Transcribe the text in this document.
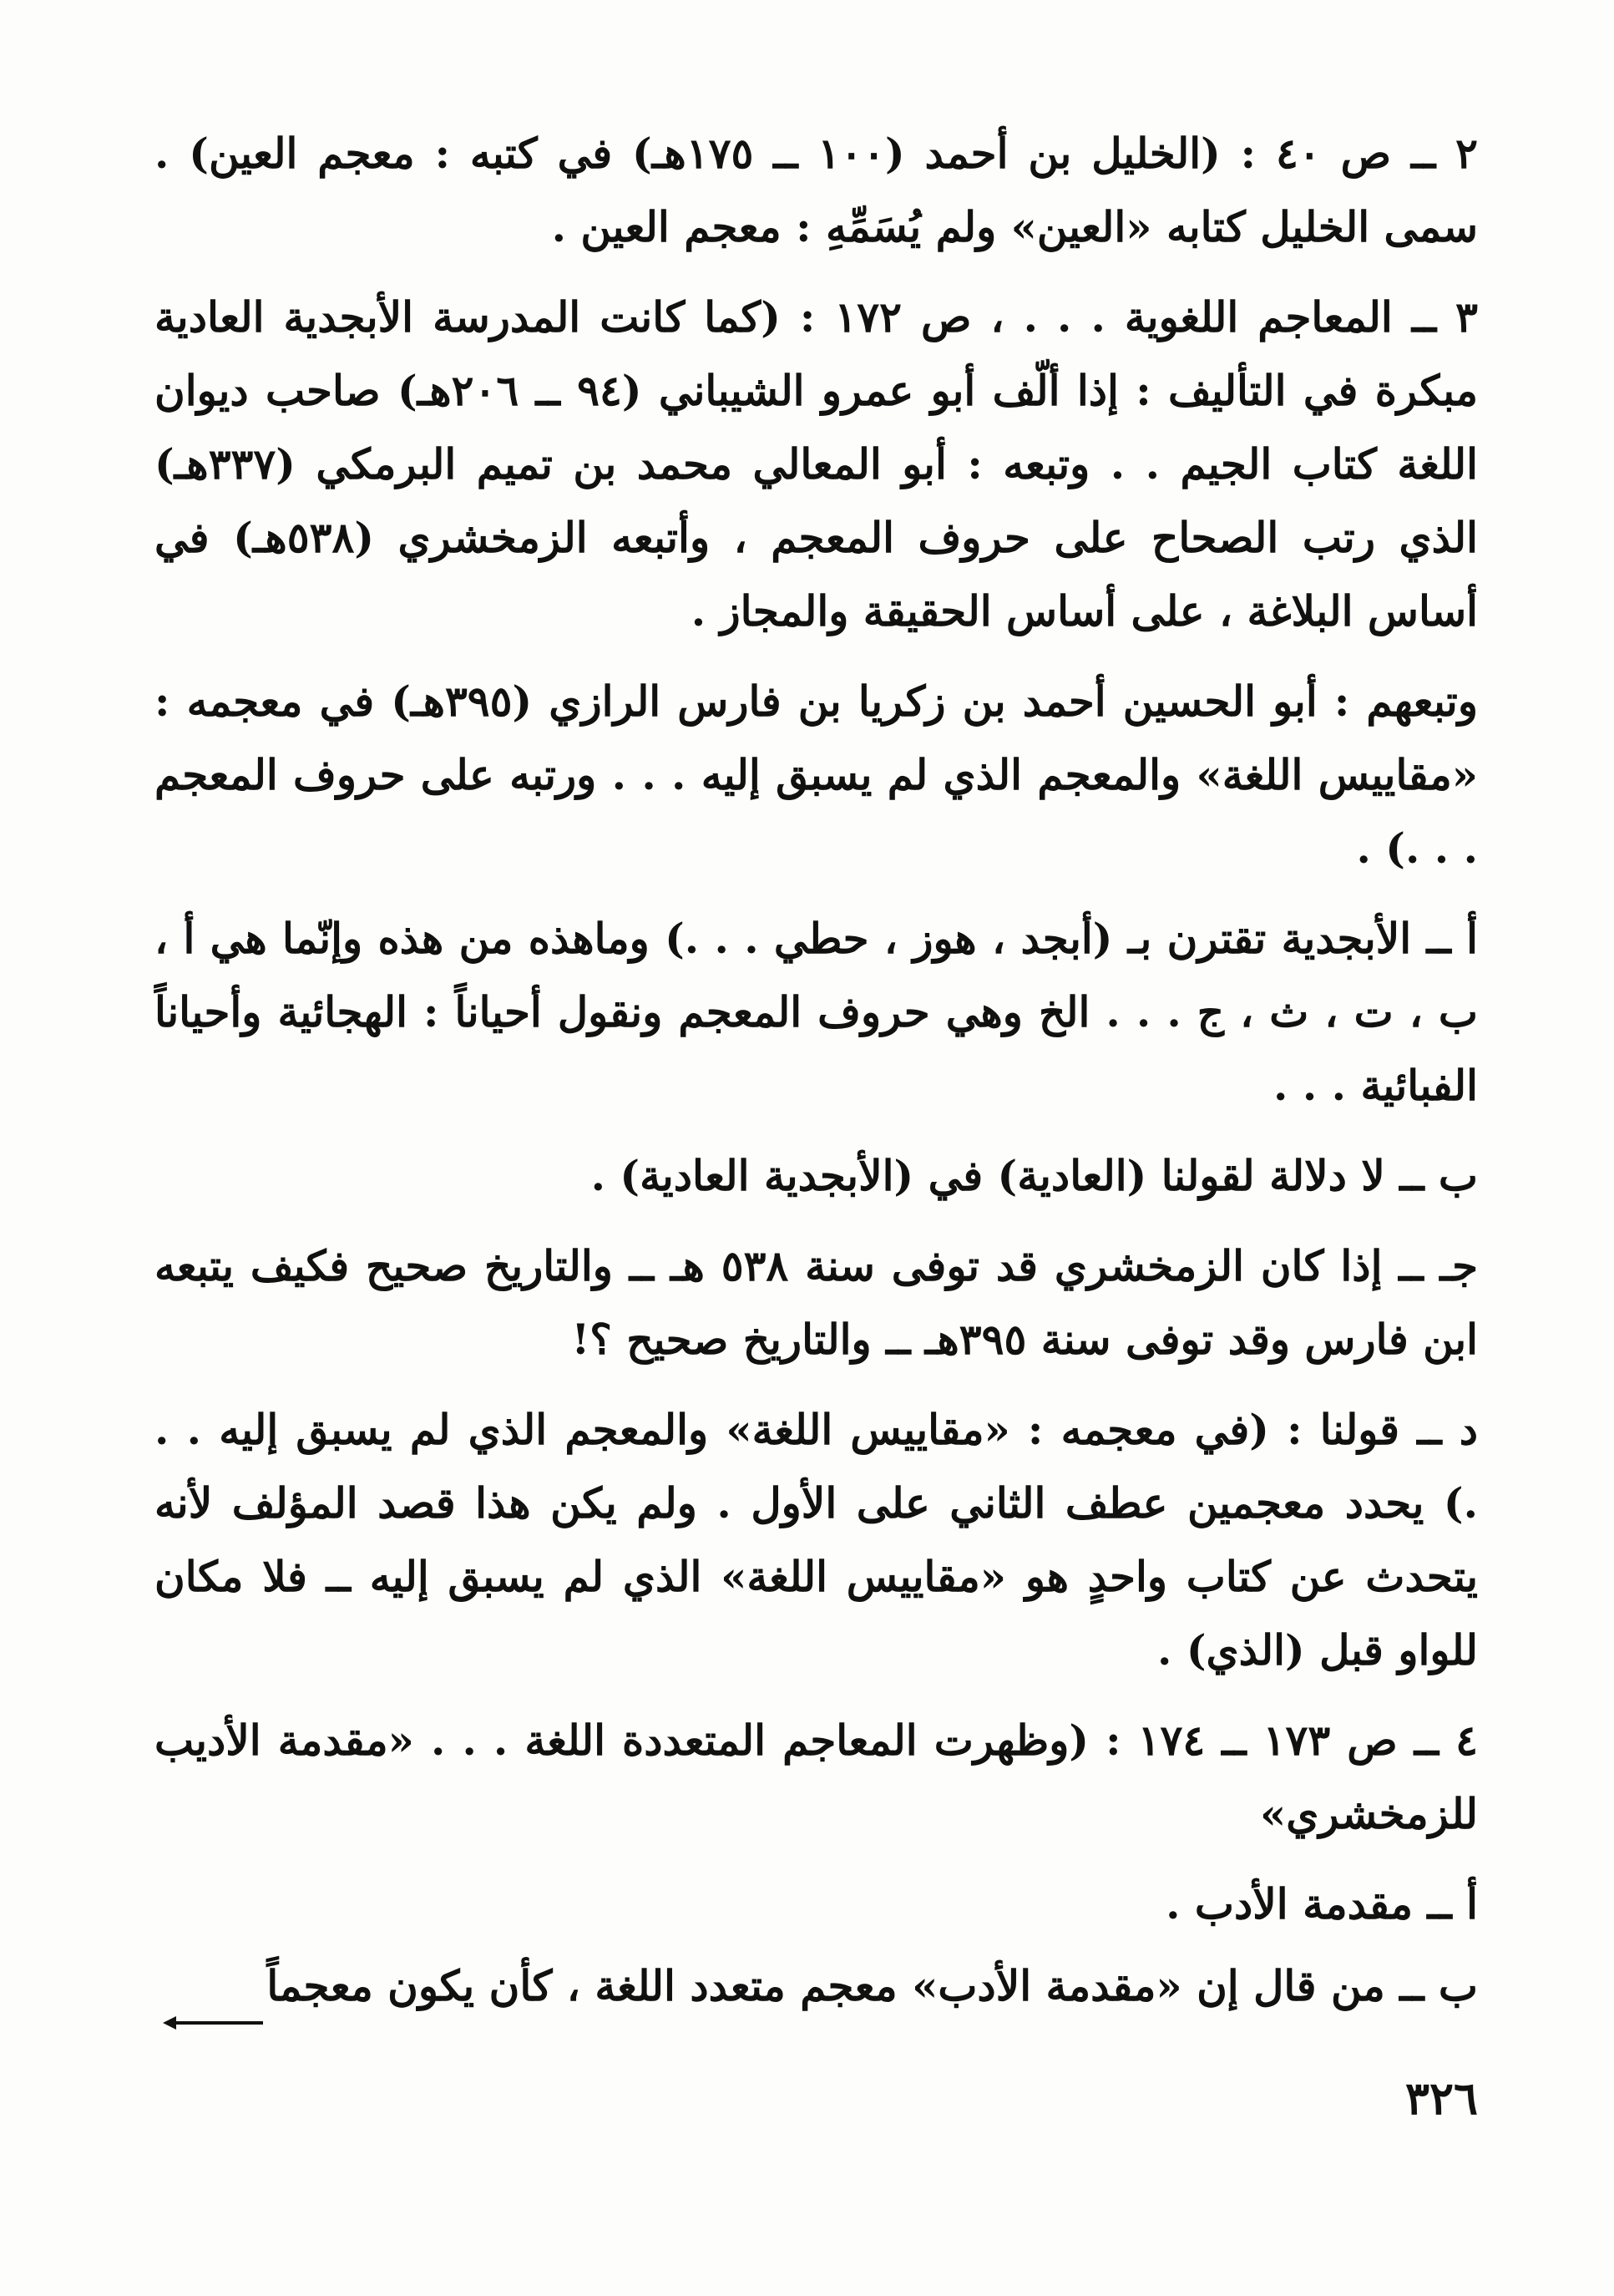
٢ ــ ص ٤٠ : (الخليل بن أحمد (١٠٠ ــ ١٧٥هـ) في كتبه : معجم العين) . سمى الخليل كتابه «العين» ولم يُسَمِّهِ : معجم العين .

٣ ــ المعاجم اللغوية . . . ، ص ١٧٢ : (كما كانت المدرسة الأبجدية العادية مبكرة في التأليف : إذا ألّف أبو عمرو الشيباني (٩٤ ــ ٢٠٦هـ) صاحب ديوان اللغة كتاب الجيم . . وتبعه : أبو المعالي محمد بن تميم البرمكي (٣٣٧هـ) الذي رتب الصحاح على حروف المعجم ، وأتبعه الزمخشري (٥٣٨هـ) في أساس البلاغة ، على أساس الحقيقة والمجاز .

وتبعهم : أبو الحسين أحمد بن زكريا بن فارس الرازي (٣٩٥هـ) في معجمه : «مقاييس اللغة» والمعجم الذي لم يسبق إليه . . . ورتبه على حروف المعجم . . .) .

أ ــ الأبجدية تقترن بـ (أبجد ، هوز ، حطي . . .) وماهذه من هذه وإنّما هي أ ، ب ، ت ، ث ، ج . . . الخ وهي حروف المعجم ونقول أحياناً : الهجائية وأحياناً الفبائية . . .

ب ــ لا دلالة لقولنا (العادية) في (الأبجدية العادية) .

جـ ــ إذا كان الزمخشري قد توفى سنة ٥٣٨ هـ ــ والتاريخ صحيح فكيف يتبعه ابن فارس وقد توفى سنة ٣٩٥هـ ــ والتاريخ صحيح ؟!

د ــ قولنا : (في معجمه : «مقاييس اللغة» والمعجم الذي لم يسبق إليه . . .) يحدد معجمين عطف الثاني على الأول . ولم يكن هذا قصد المؤلف لأنه يتحدث عن كتاب واحدٍ هو «مقاييس اللغة» الذي لم يسبق إليه ــ فلا مكان للواو قبل (الذي) .

٤ ــ ص ١٧٣ ــ ١٧٤ : (وظهرت المعاجم المتعددة اللغة . . . «مقدمة الأديب للزمخشري»

أ ــ مقدمة الأدب .

ب ــ من قال إن «مقدمة الأدب» معجم متعدد اللغة ، كأن يكون معجماً

٣٢٦
